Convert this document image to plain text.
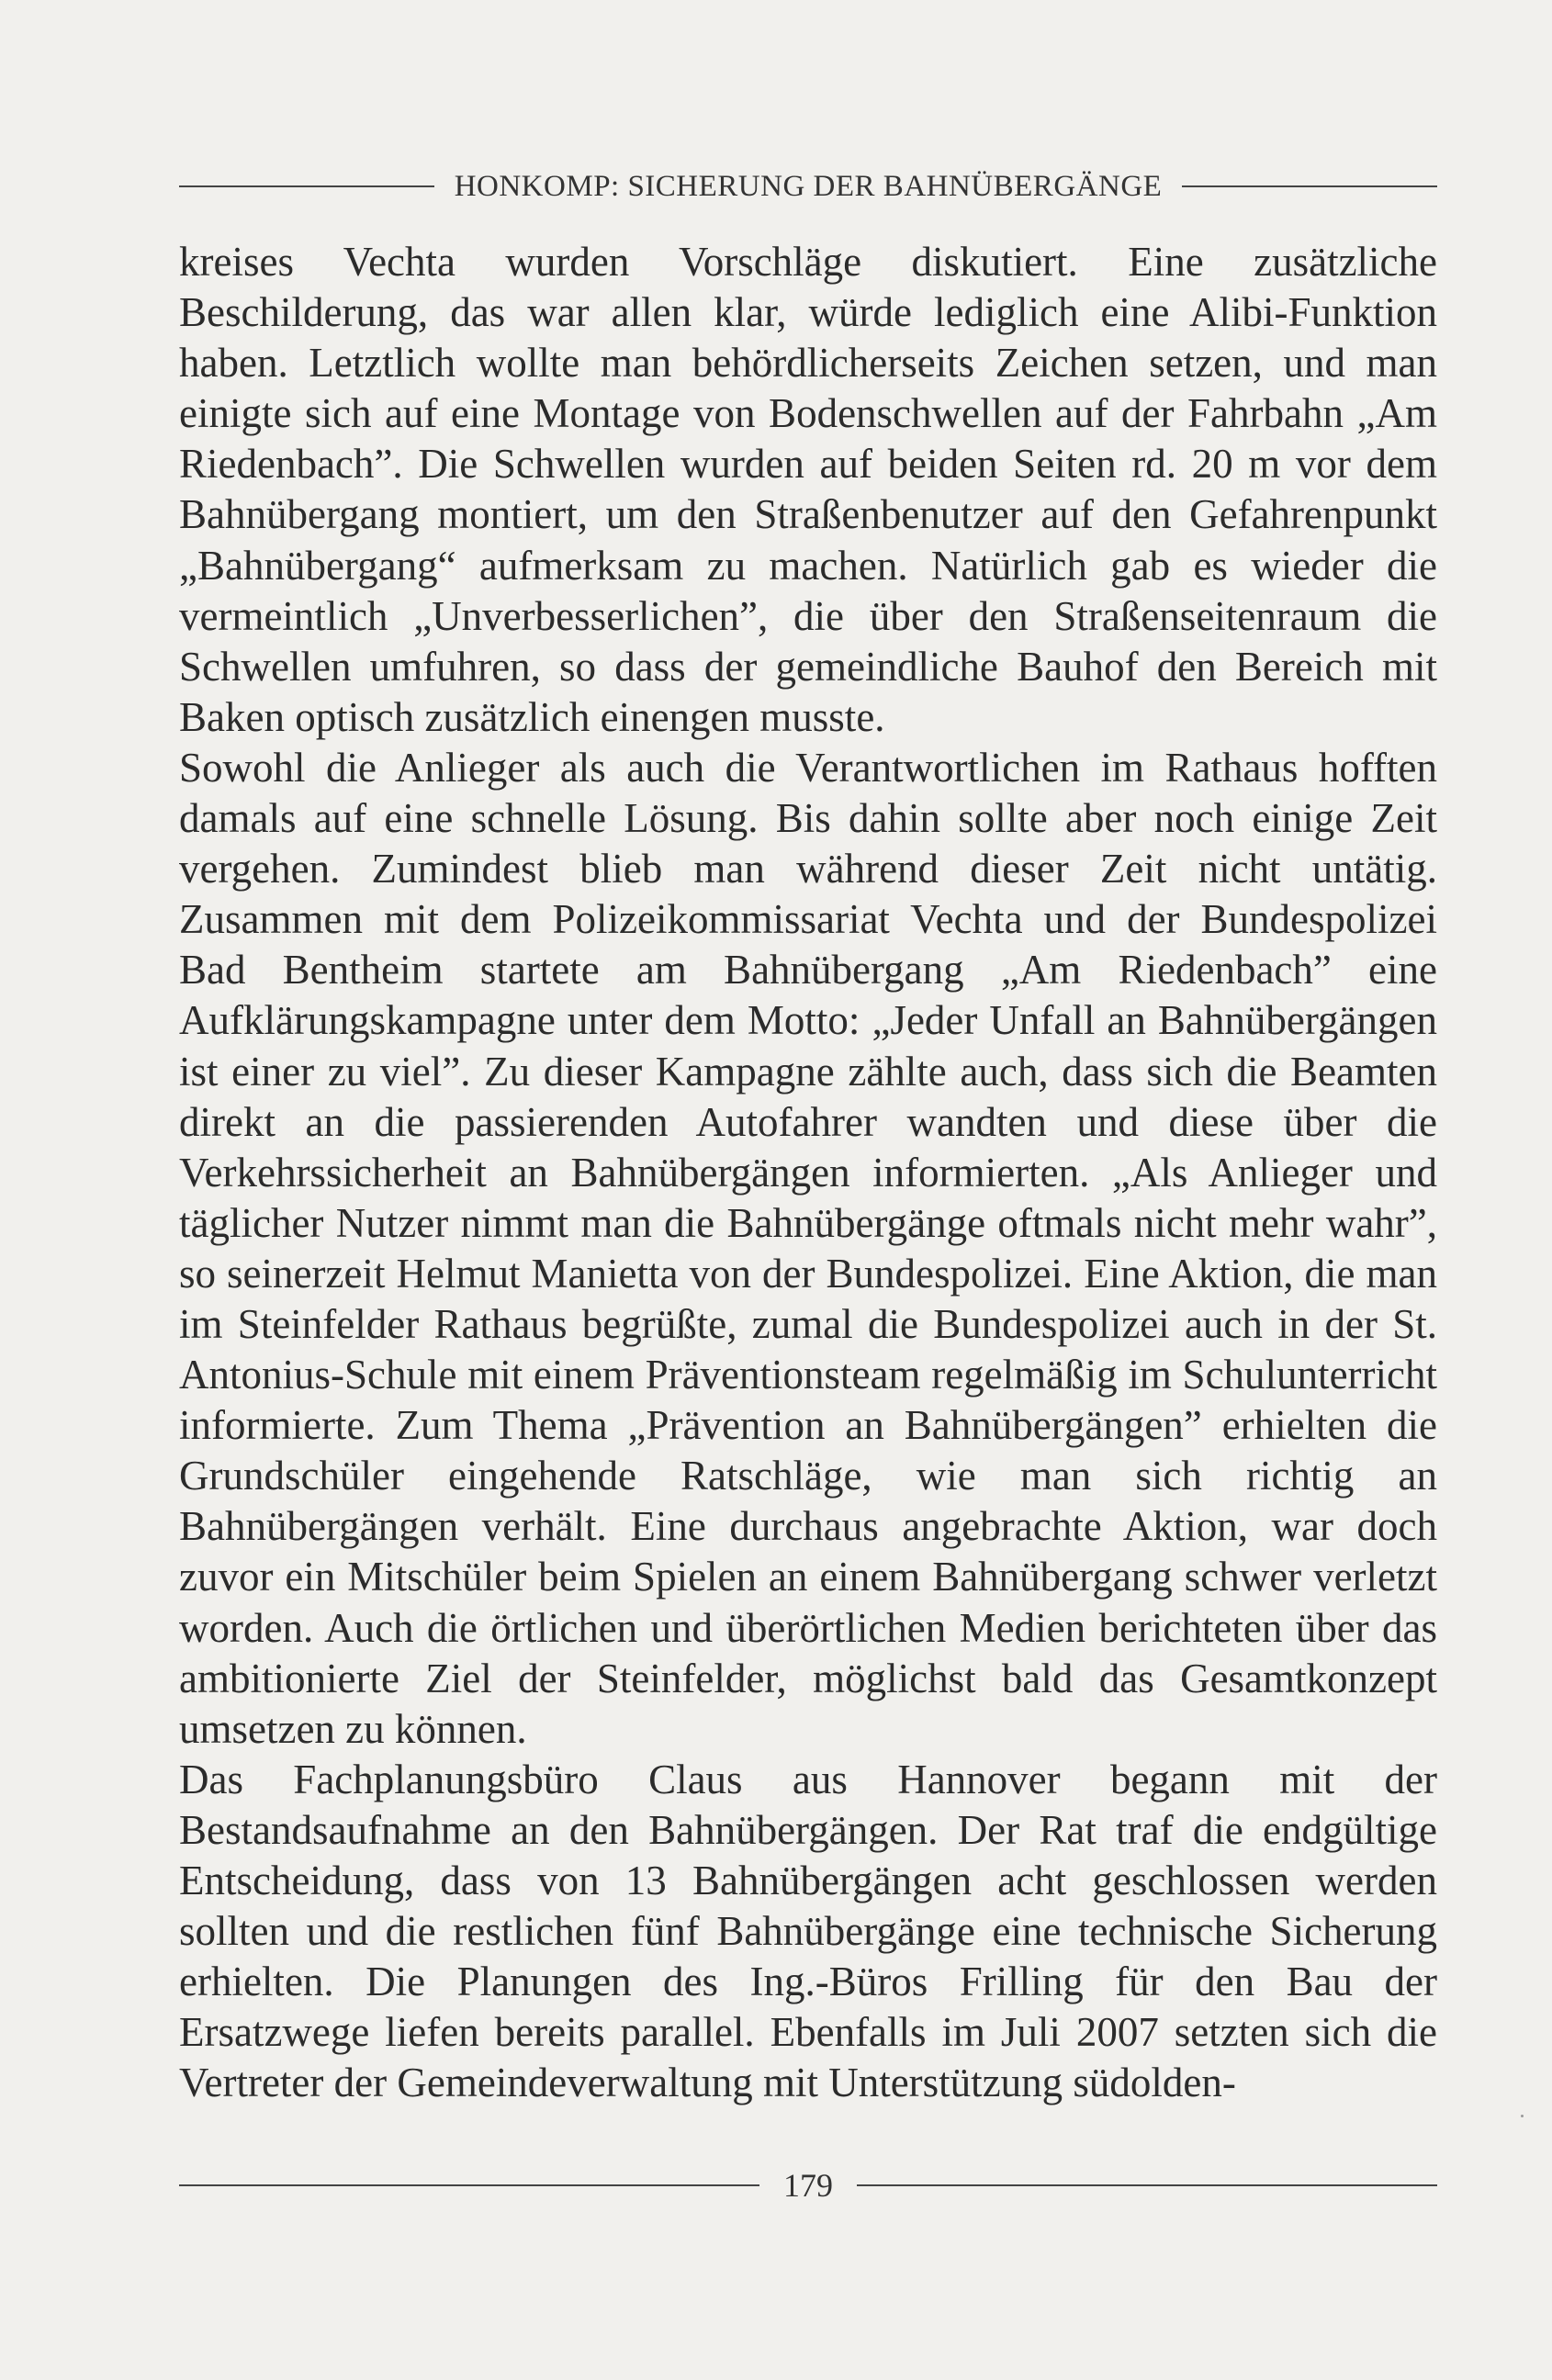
HONKOMP: SICHERUNG DER BAHNÜBERGÄNGE

kreises Vechta wurden Vorschläge diskutiert. Eine zusätzliche Beschilderung, das war allen klar, würde lediglich eine Alibi-Funktion haben. Letztlich wollte man behördlicherseits Zeichen setzen, und man einigte sich auf eine Montage von Bodenschwellen auf der Fahrbahn „Am Riedenbach”. Die Schwellen wurden auf beiden Seiten rd. 20 m vor dem Bahnübergang montiert, um den Straßenbenutzer auf den Gefahrenpunkt „Bahnübergang“ aufmerksam zu machen. Natürlich gab es wieder die vermeintlich „Unverbesserlichen”, die über den Straßenseitenraum die Schwellen umfuhren, so dass der gemeindliche Bauhof den Bereich mit Baken optisch zusätzlich einengen musste.

Sowohl die Anlieger als auch die Verantwortlichen im Rathaus hofften damals auf eine schnelle Lösung. Bis dahin sollte aber noch einige Zeit vergehen. Zumindest blieb man während dieser Zeit nicht untätig. Zusammen mit dem Polizeikommissariat Vechta und der Bundespolizei Bad Bentheim startete am Bahnübergang „Am Riedenbach” eine Aufklärungskampagne unter dem Motto: „Jeder Unfall an Bahnübergängen ist einer zu viel”. Zu dieser Kampagne zählte auch, dass sich die Beamten direkt an die passierenden Autofahrer wandten und diese über die Verkehrssicherheit an Bahnübergängen informierten. „Als Anlieger und täglicher Nutzer nimmt man die Bahnübergänge oftmals nicht mehr wahr”, so seinerzeit Helmut Manietta von der Bundespolizei. Eine Aktion, die man im Steinfelder Rathaus begrüßte, zumal die Bundespolizei auch in der St. Antonius-Schule mit einem Präventionsteam regelmäßig im Schulunterricht informierte. Zum Thema „Prävention an Bahnübergängen” erhielten die Grundschüler eingehende Ratschläge, wie man sich richtig an Bahnübergängen verhält. Eine durchaus angebrachte Aktion, war doch zuvor ein Mitschüler beim Spielen an einem Bahnübergang schwer verletzt worden. Auch die örtlichen und überörtlichen Medien berichteten über das ambitionierte Ziel der Steinfelder, möglichst bald das Gesamtkonzept umsetzen zu können.

Das Fachplanungsbüro Claus aus Hannover begann mit der Bestandsaufnahme an den Bahnübergängen. Der Rat traf die endgültige Entscheidung, dass von 13 Bahnübergängen acht geschlossen werden sollten und die restlichen fünf Bahnübergänge eine technische Sicherung erhielten. Die Planungen des Ing.-Büros Frilling für den Bau der Ersatzwege liefen bereits parallel. Ebenfalls im Juli 2007 setzten sich die Vertreter der Gemeindeverwaltung mit Unterstützung südolden-

179
